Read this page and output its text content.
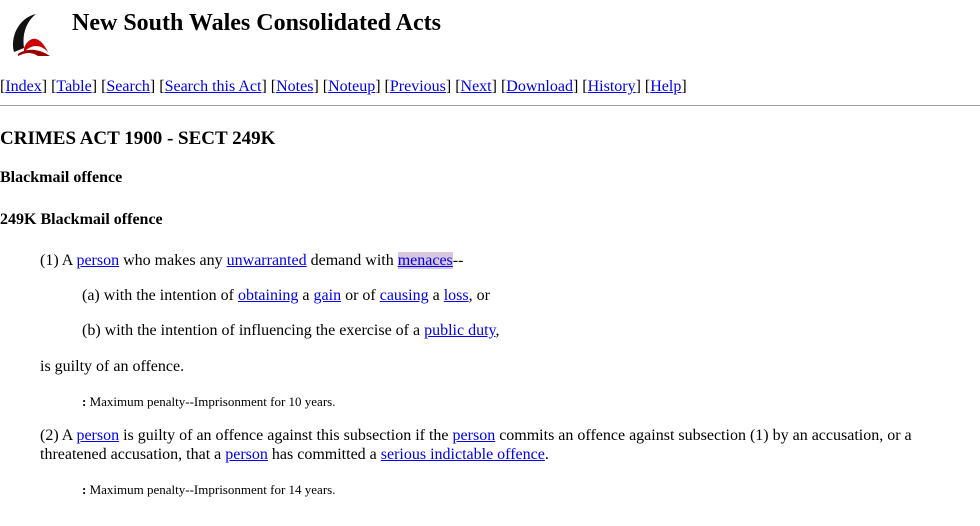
New South Wales Consolidated Acts
[Index] [Table] [Search] [Search this Act] [Notes] [Noteup] [Previous] [Next] [Download] [History] [Help]
CRIMES ACT 1900 - SECT 249K
Blackmail offence
249K Blackmail offence
(1) A person who makes any unwarranted demand with menaces--
(a) with the intention of obtaining a gain or of causing a loss, or
(b) with the intention of influencing the exercise of a public duty,
is guilty of an offence.
: Maximum penalty--Imprisonment for 10 years.
(2) A person is guilty of an offence against this subsection if the person commits an offence against subsection (1) by an accusation, or a threatened accusation, that a person has committed a serious indictable offence.
: Maximum penalty--Imprisonment for 14 years.
